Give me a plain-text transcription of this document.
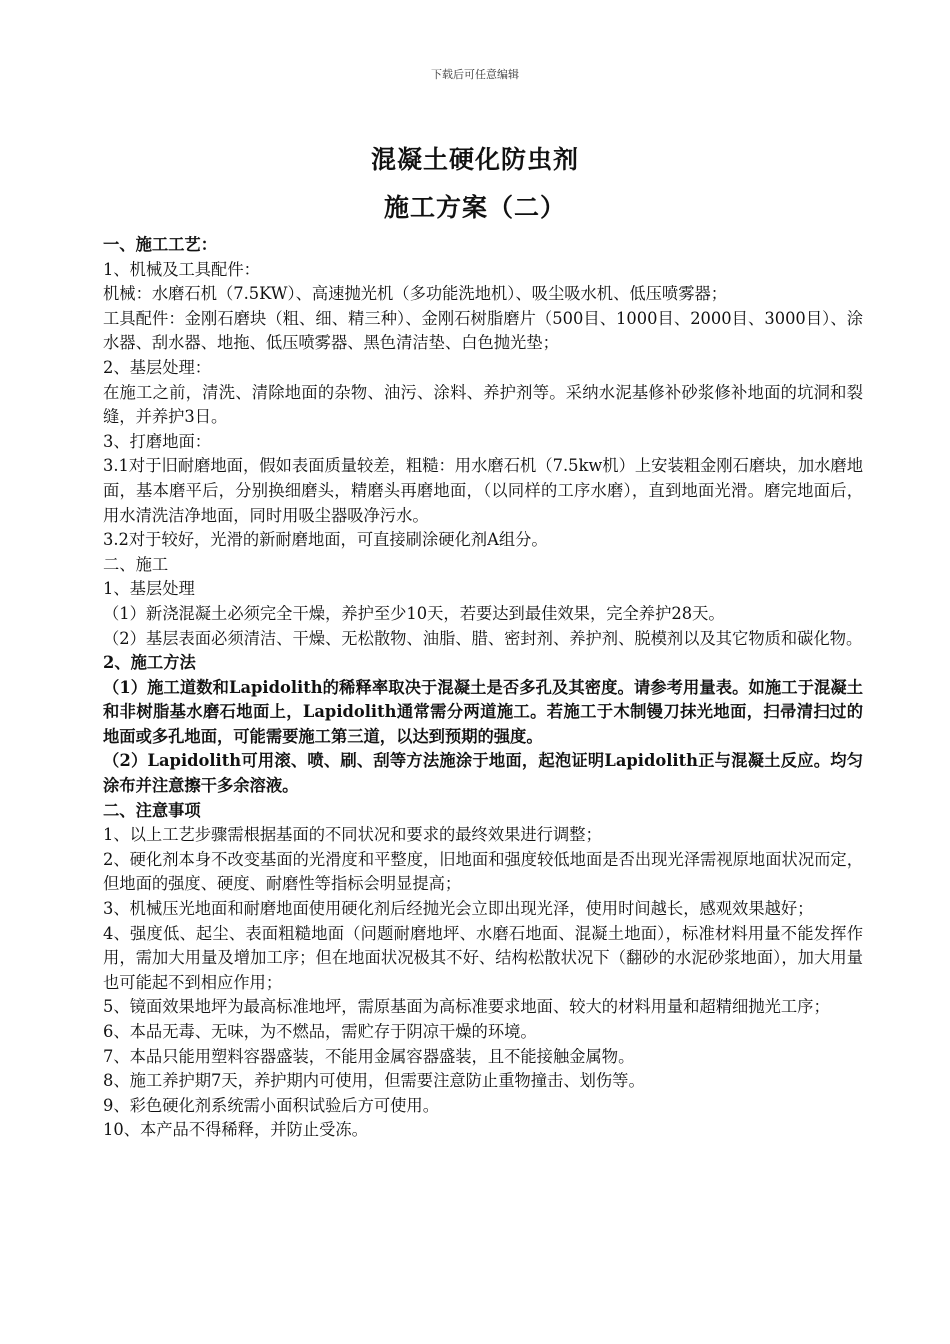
下载后可任意编辑
混凝土硬化防虫剂
施工方案（二）

一、施工工艺：

1、机械及工具配件：

机械：水磨石机（7.5KW）、高速抛光机（多功能洗地机）、吸尘吸水机、低压喷雾器；

工具配件：金刚石磨块（粗、细、精三种）、金刚石树脂磨片（500目、1000目、2000目、3000目）、涂水器、刮水器、地拖、低压喷雾器、黑色清洁垫、白色抛光垫；

2、基层处理：

在施工之前，清洗、清除地面的杂物、油污、涂料、养护剂等。采纳水泥基修补砂浆修补地面的坑洞和裂缝，并养护3日。

3、打磨地面：

3.1对于旧耐磨地面，假如表面质量较差，粗糙：用水磨石机（7.5kw机）上安装粗金刚石磨块，加水磨地面，基本磨平后，分别换细磨头，精磨头再磨地面，（以同样的工序水磨），直到地面光滑。磨完地面后，用水清洗洁净地面，同时用吸尘器吸净污水。

3.2对于较好，光滑的新耐磨地面，可直接刷涂硬化剂A组分。

二、施工

1、基层处理

（1）新浇混凝土必须完全干燥，养护至少10天，若要达到最佳效果，完全养护28天。

（2）基层表面必须清洁、干燥、无松散物、油脂、腊、密封剂、养护剂、脱模剂以及其它物质和碳化物。

2、施工方法

（1）施工道数和Lapidolith的稀释率取决于混凝土是否多孔及其密度。请参考用量表。如施工于混凝土和非树脂基水磨石地面上，Lapidolith通常需分两道施工。若施工于木制镘刀抹光地面，扫帚清扫过的地面或多孔地面，可能需要施工第三道，以达到预期的强度。

（2）Lapidolith可用滚、喷、刷、刮等方法施涂于地面，起泡证明Lapidolith正与混凝土反应。均匀涂布并注意擦干多余溶液。

二、注意事项

1、以上工艺步骤需根据基面的不同状况和要求的最终效果进行调整；

2、硬化剂本身不改变基面的光滑度和平整度，旧地面和强度较低地面是否出现光泽需视原地面状况而定，但地面的强度、硬度、耐磨性等指标会明显提高；

3、机械压光地面和耐磨地面使用硬化剂后经抛光会立即出现光泽，使用时间越长，感观效果越好；

4、强度低、起尘、表面粗糙地面（问题耐磨地坪、水磨石地面、混凝土地面），标准材料用量不能发挥作用，需加大用量及增加工序；但在地面状况极其不好、结构松散状况下（翻砂的水泥砂浆地面），加大用量也可能起不到相应作用；

5、镜面效果地坪为最高标准地坪，需原基面为高标准要求地面、较大的材料用量和超精细抛光工序；

6、本品无毒、无味，为不燃品，需贮存于阴凉干燥的环境。

7、本品只能用塑料容器盛装，不能用金属容器盛装，且不能接触金属物。

8、施工养护期7天，养护期内可使用，但需要注意防止重物撞击、划伤等。

9、彩色硬化剂系统需小面积试验后方可使用。

10、本产品不得稀释，并防止受冻。
